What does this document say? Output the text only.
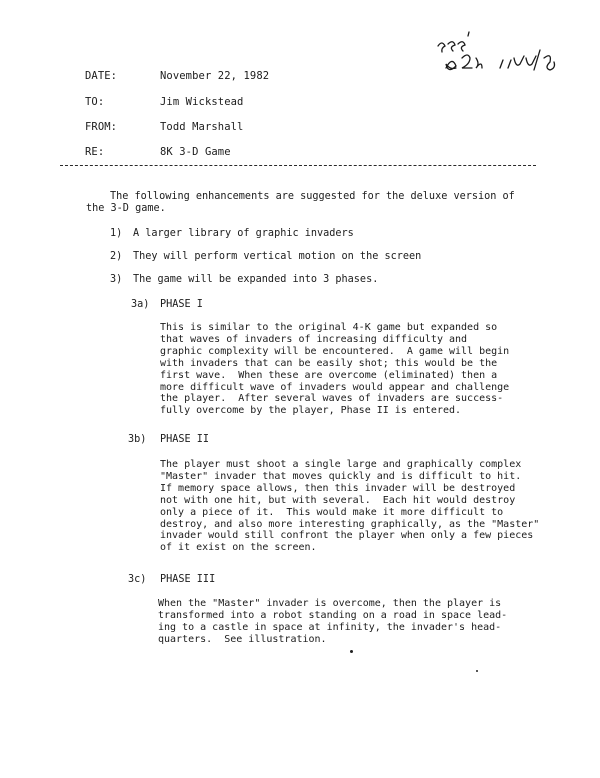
DATE:	November 22, 1982
TO:	Jim Wickstead
FROM:	Todd Marshall
RE:	8K 3-D Game
The following enhancements are suggested for the deluxe version of
the 3-D game.
1) A larger library of graphic invaders
2) They will perform vertical motion on the screen
3) The game will be expanded into 3 phases.
3a) PHASE I
This is similar to the original 4-K game but expanded so
that waves of invaders of increasing difficulty and
graphic complexity will be encountered.  A game will begin
with invaders that can be easily shot; this would be the
first wave.  When these are overcome (eliminated) then a
more difficult wave of invaders would appear and challenge
the player.  After several waves of invaders are success-
fully overcome by the player, Phase II is entered.
3b) PHASE II
The player must shoot a single large and graphically complex
"Master" invader that moves quickly and is difficult to hit.
If memory space allows, then this invader will be destroyed
not with one hit, but with several.  Each hit would destroy
only a piece of it.  This would make it more difficult to
destroy, and also more interesting graphically, as the "Master"
invader would still confront the player when only a few pieces
of it exist on the screen.
3c) PHASE III
When the "Master" invader is overcome, then the player is
transformed into a robot standing on a road in space lead-
ing to a castle in space at infinity, the invader's head-
quarters.  See illustration.
